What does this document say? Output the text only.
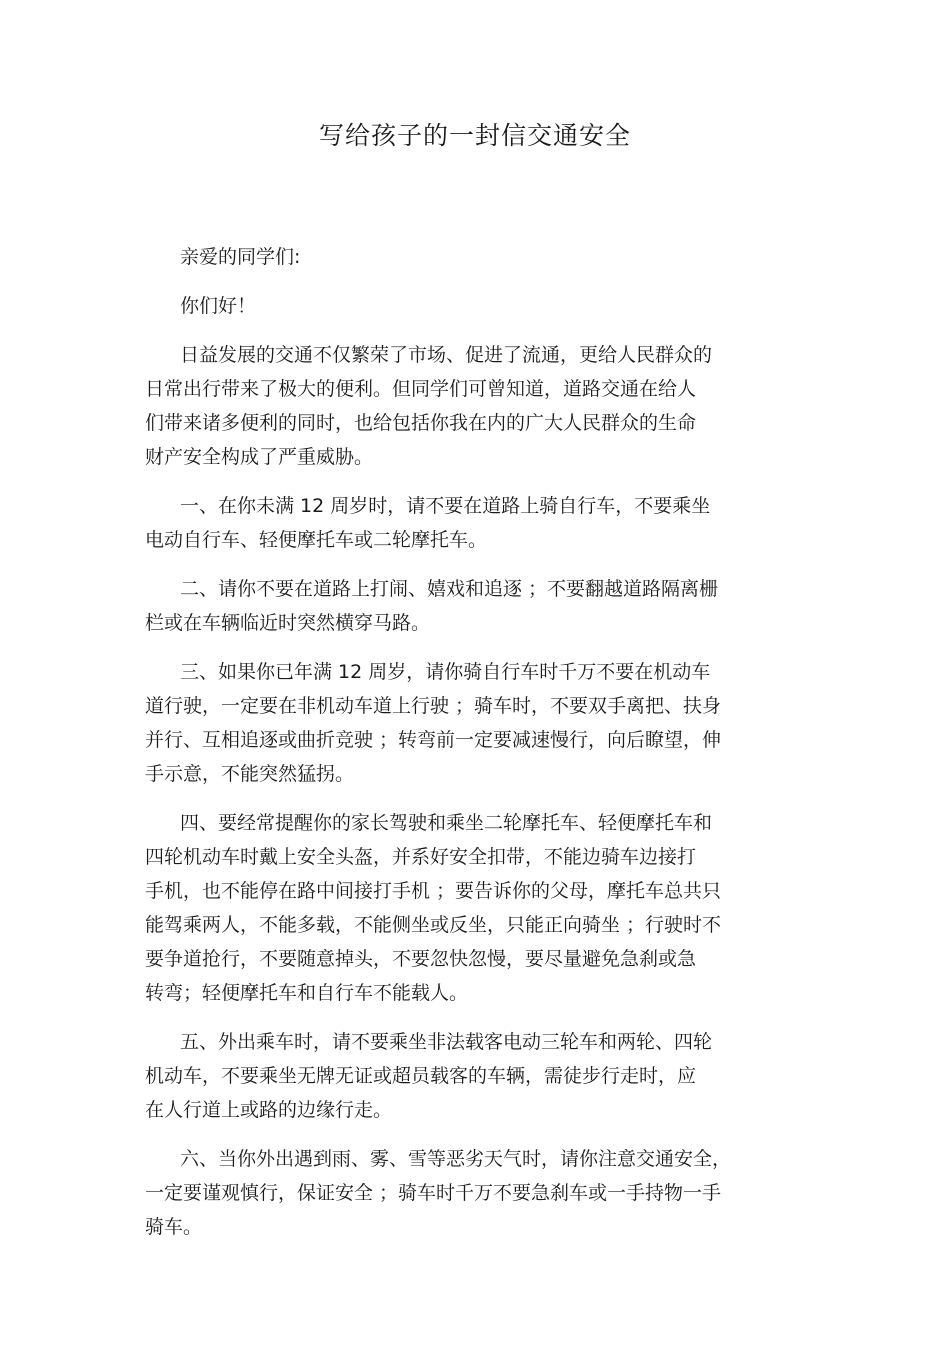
写给孩子的一封信交通安全

亲爱的同学们:

你们好！

日益发展的交通不仅繁荣了市场、促进了流通，更给人民群众的

日常出行带来了极大的便利。但同学们可曾知道，道路交通在给人

们带来诸多便利的同时，也给包括你我在内的广大人民群众的生命

财产安全构成了严重威胁。

一、在你未满 12 周岁时，请不要在道路上骑自行车，不要乘坐

电动自行车、轻便摩托车或二轮摩托车。

二、请你不要在道路上打闹、嬉戏和追逐 ；不要翻越道路隔离栅

栏或在车辆临近时突然横穿马路。

三、如果你已年满 12 周岁，请你骑自行车时千万不要在机动车

道行驶，一定要在非机动车道上行驶 ；骑车时，不要双手离把、扶身

并行、互相追逐或曲折竞驶 ；转弯前一定要减速慢行，向后瞭望，伸

手示意，不能突然猛拐。

四、要经常提醒你的家长驾驶和乘坐二轮摩托车、轻便摩托车和

四轮机动车时戴上安全头盔，并系好安全扣带，不能边骑车边接打

手机，也不能停在路中间接打手机 ；要告诉你的父母，摩托车总共只

能驾乘两人，不能多载，不能侧坐或反坐，只能正向骑坐 ；行驶时不

要争道抢行，不要随意掉头，不要忽快忽慢，要尽量避免急刹或急

转弯；轻便摩托车和自行车不能载人。

五、外出乘车时，请不要乘坐非法载客电动三轮车和两轮、四轮

机动车，不要乘坐无牌无证或超员载客的车辆，需徒步行走时，应

在人行道上或路的边缘行走。

六、当你外出遇到雨、雾、雪等恶劣天气时，请你注意交通安全，

一定要谨观慎行，保证安全 ；骑车时千万不要急刹车或一手持物一手

骑车。
